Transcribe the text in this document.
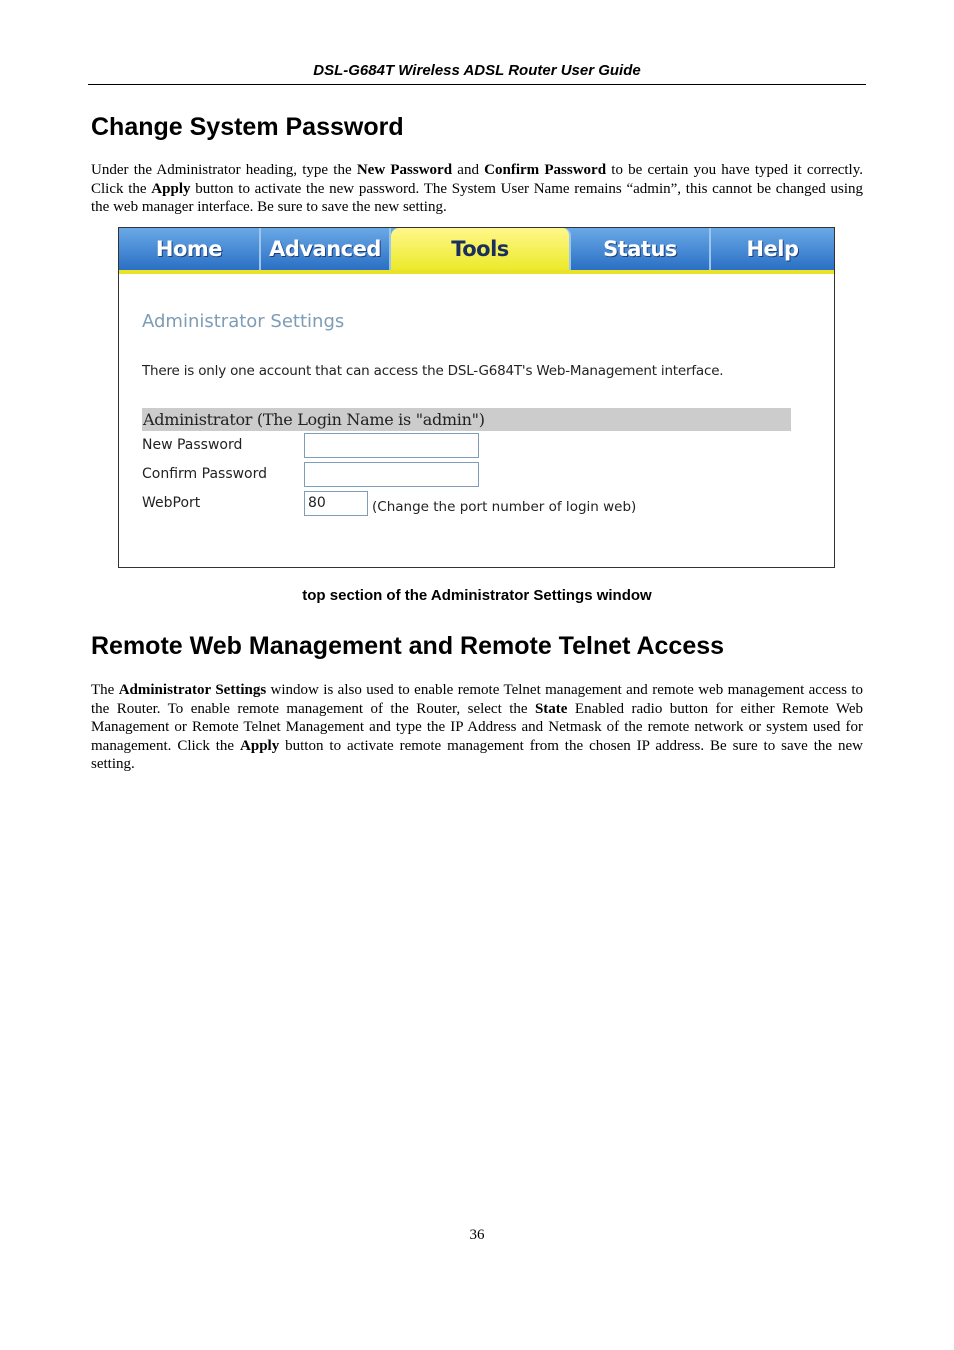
DSL-G684T Wireless ADSL Router User Guide
Change System Password

Under the Administrator heading, type the New Password and Confirm Password to be certain you have typed it correctly. Click the Apply button to activate the new password. The System User Name remains “admin”, this cannot be changed using the web manager interface. Be sure to save the new setting.

Home	Advanced	Tools	Status	Help
Administrator Settings
There is only one account that can access the DSL-G684T's Web-Management interface.
Administrator (The Login Name is "admin")
New Password
Confirm Password
WebPort	80	(Change the port number of login web)
top section of the Administrator Settings window
Remote Web Management and Remote Telnet Access

The Administrator Settings window is also used to enable remote Telnet management and remote web management access to the Router. To enable remote management of the Router, select the State Enabled radio button for either Remote Web Management or Remote Telnet Management and type the IP Address and Netmask of the remote network or system used for management. Click the Apply button to activate remote management from the chosen IP address. Be sure to save the new setting.

36
